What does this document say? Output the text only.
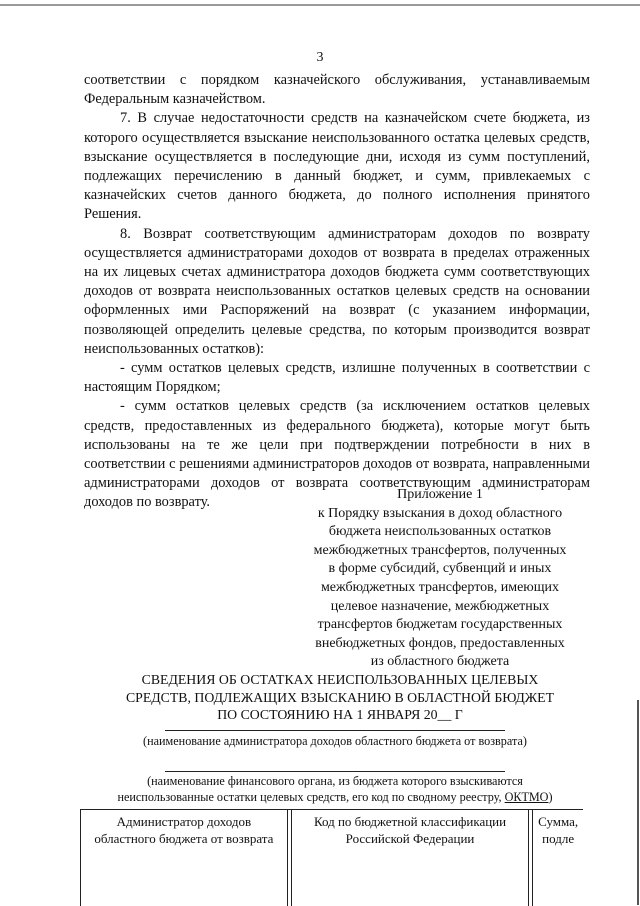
3

соответствии с порядком казначейского обслуживания, устанавливаемым Федеральным казначейством.

7. В случае недостаточности средств на казначейском счете бюджета, из которого осуществляется взыскание неиспользованного остатка целевых средств, взыскание осуществляется в последующие дни, исходя из сумм поступлений, подлежащих перечислению в данный бюджет, и сумм, привлекаемых с казначейских счетов данного бюджета, до полного исполнения принятого Решения.

8. Возврат соответствующим администраторам доходов по возврату осуществляется администраторами доходов от возврата в пределах отраженных на их лицевых счетах администратора доходов бюджета сумм соответствующих доходов от возврата неиспользованных остатков целевых средств на основании оформленных ими Распоряжений на возврат (с указанием информации, позволяющей определить целевые средства, по которым производится возврат неиспользованных остатков):

- сумм остатков целевых средств, излишне полученных в соответствии с настоящим Порядком;

- сумм остатков целевых средств (за исключением остатков целевых средств, предоставленных из федерального бюджета), которые могут быть использованы на те же цели при подтверждении потребности в них в соответствии с решениями администраторов доходов от возврата, направленными администраторами доходов от возврата соответствующим администраторам доходов по возврату.	Приложение 1

к Порядку взыскания в доход областного

бюджета неиспользованных остатков

межбюджетных трансфертов, полученных

в форме субсидий, субвенций и иных

межбюджетных трансфертов, имеющих

целевое назначение, межбюджетных

трансфертов бюджетам государственных

внебюджетных фондов, предоставленных

из областного бюджета

СВЕДЕНИЯ ОБ ОСТАТКАХ НЕИСПОЛЬЗОВАННЫХ ЦЕЛЕВЫХ

СРЕДСТВ, ПОДЛЕЖАЩИХ ВЗЫСКАНИЮ В ОБЛАСТНОЙ БЮДЖЕТ

ПО СОСТОЯНИЮ НА 1 ЯНВАРЯ 20__ Г

(наименование администратора доходов областного бюджета от возврата)

(наименование финансового органа, из бюджета которого взыскиваются

неиспользованные остатки целевых средств, его код по сводному реестру, ОКТМО)

Администратор доходов
областного бюджета от возврата
Код по бюджетной классификации
Российской Федерации
Сумма,
подле
